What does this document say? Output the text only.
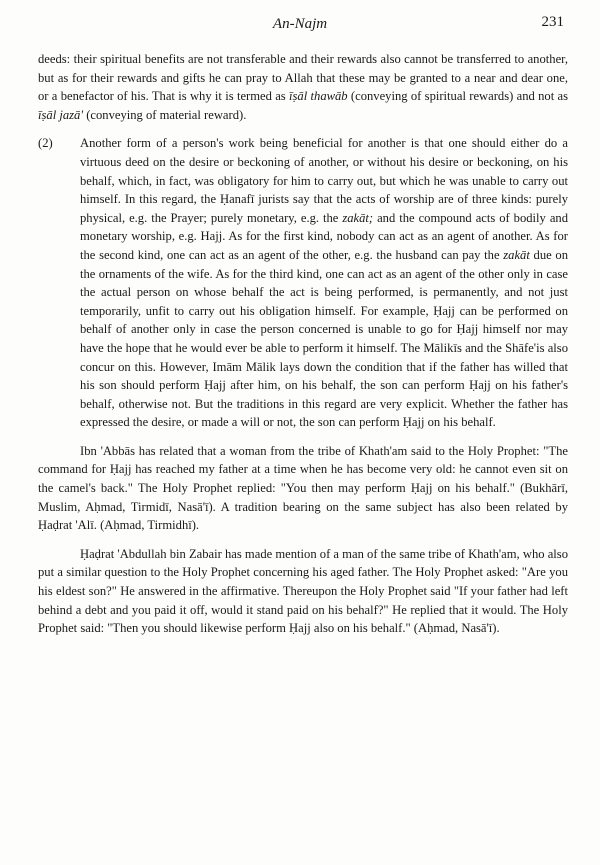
An-Najm	231

deeds: their spiritual benefits are not transferable and their rewards also cannot be transferred to another, but as for their rewards and gifts he can pray to Allah that these may be granted to a near and dear one, or a benefactor of his. That is why it is termed as īṣāl thawāb (conveying of spiritual rewards) and not as īṣāl jazā' (conveying of material reward).

(2) Another form of a person's work being beneficial for another is that one should either do a virtuous deed on the desire or beckoning of another, or without his desire or beckoning, on his behalf, which, in fact, was obligatory for him to carry out, but which he was unable to carry out himself. In this regard, the Ḥanafī jurists say that the acts of worship are of three kinds: purely physical, e.g. the Prayer; purely monetary, e.g. the zakāt; and the compound acts of bodily and monetary worship, e.g. Hajj. As for the first kind, nobody can act as an agent of another. As for the second kind, one can act as an agent of the other, e.g. the husband can pay the zakāt due on the ornaments of the wife. As for the third kind, one can act as an agent of the other only in case the actual person on whose behalf the act is being performed, is permanently, and not just temporarily, unfit to carry out his obligation himself. For example, Ḥajj can be performed on behalf of another only in case the person concerned is unable to go for Ḥajj himself nor may have the hope that he would ever be able to perform it himself. The Mālikīs and the Shāfe'is also concur on this. However, Imām Mālik lays down the condition that if the father has willed that his son should perform Ḥajj after him, on his behalf, the son can perform Ḥajj on his father's behalf, otherwise not. But the traditions in this regard are very explicit. Whether the father has expressed the desire, or made a will or not, the son can perform Ḥajj on his behalf.

Ibn 'Abbās has related that a woman from the tribe of Khath'am said to the Holy Prophet: "The command for Ḥajj has reached my father at a time when he has become very old: he cannot even sit on the camel's back." The Holy Prophet replied: "You then may perform Ḥajj on his behalf." (Bukhārī, Muslim, Aḥmad, Tirmidī, Nasā'ī). A tradition bearing on the same subject has also been related by Ḥaḍrat 'Alī. (Aḥmad, Tirmidhī).

Ḥaḍrat 'Abdullah bin Zabair has made mention of a man of the same tribe of Khath'am, who also put a similar question to the Holy Prophet concerning his aged father. The Holy Prophet asked: "Are you his eldest son?" He answered in the affirmative. Thereupon the Holy Prophet said "If your father had left behind a debt and you paid it off, would it stand paid on his behalf?" He replied that it would. The Holy Prophet said: "Then you should likewise perform Ḥajj also on his behalf." (Aḥmad, Nasā'ī).
